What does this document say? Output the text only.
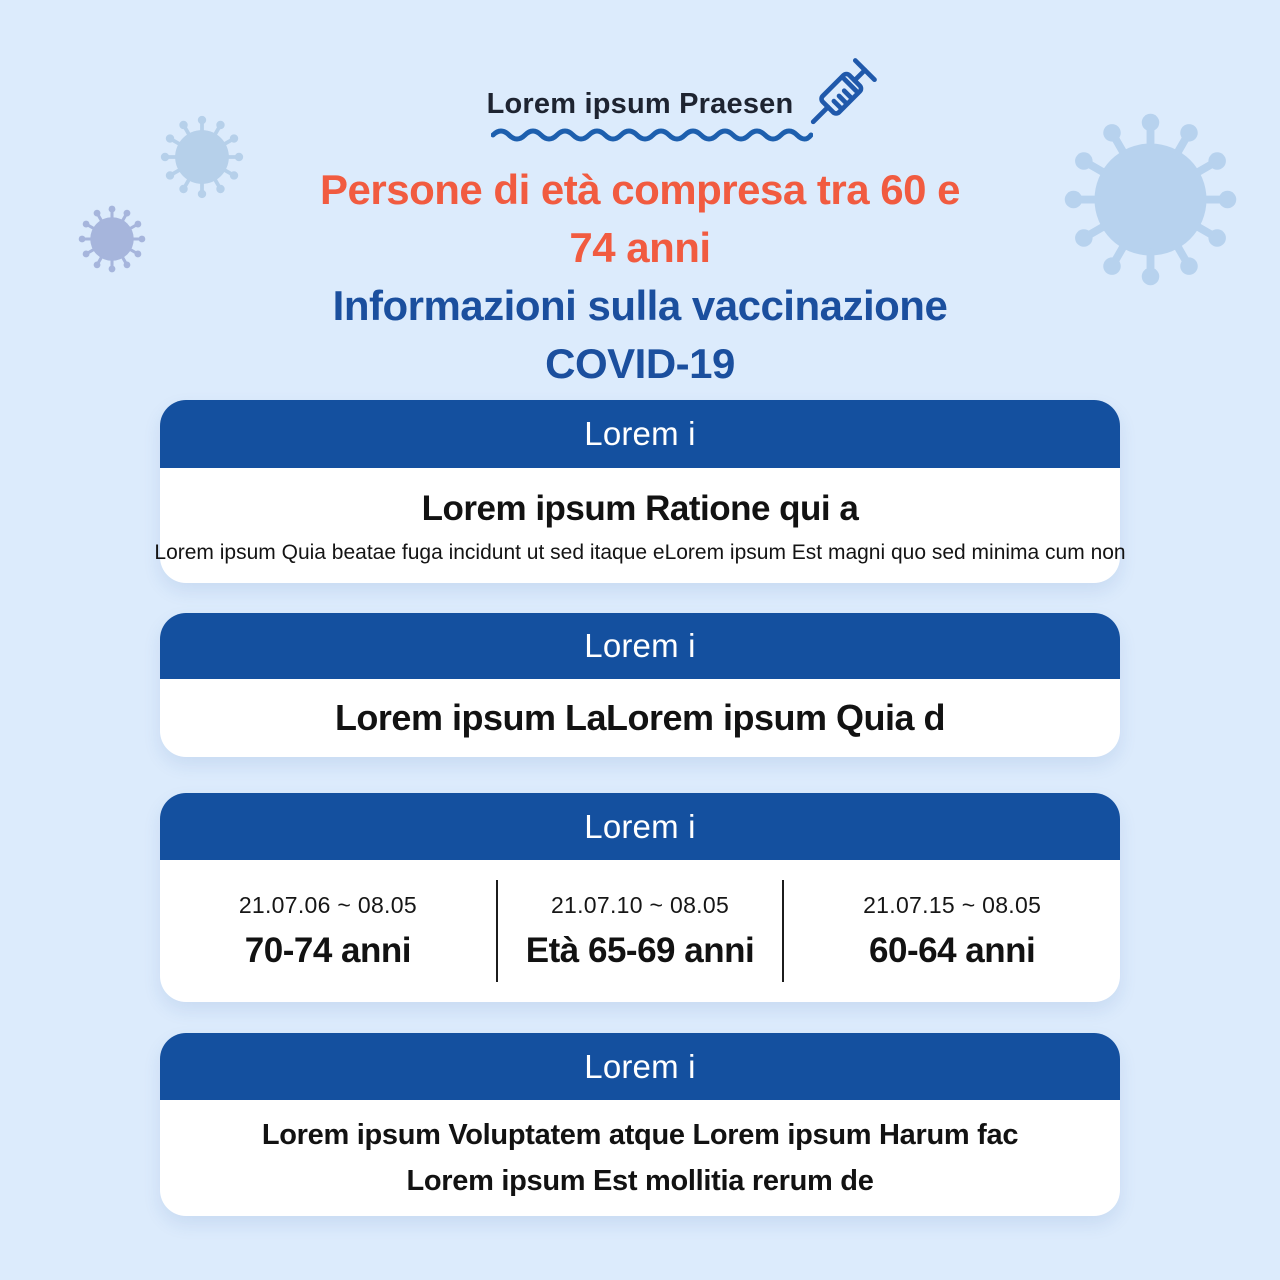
Lorem ipsum Praesen
Persone di età compresa tra 60 e
74 anni
Informazioni sulla vaccinazione
COVID-19
Lorem i
Lorem ipsum Ratione qui a
Lorem ipsum Quia beatae fuga incidunt ut sed itaque eLorem ipsum Est magni quo sed minima cum non
Lorem i
Lorem ipsum LaLorem ipsum Quia d
Lorem i
21.07.06 ~ 08.05
70-74 anni
21.07.10 ~ 08.05
Età 65-69 anni
21.07.15 ~ 08.05
60-64 anni
Lorem i
Lorem ipsum Voluptatem atque Lorem ipsum Harum fac
Lorem ipsum Est mollitia rerum de
